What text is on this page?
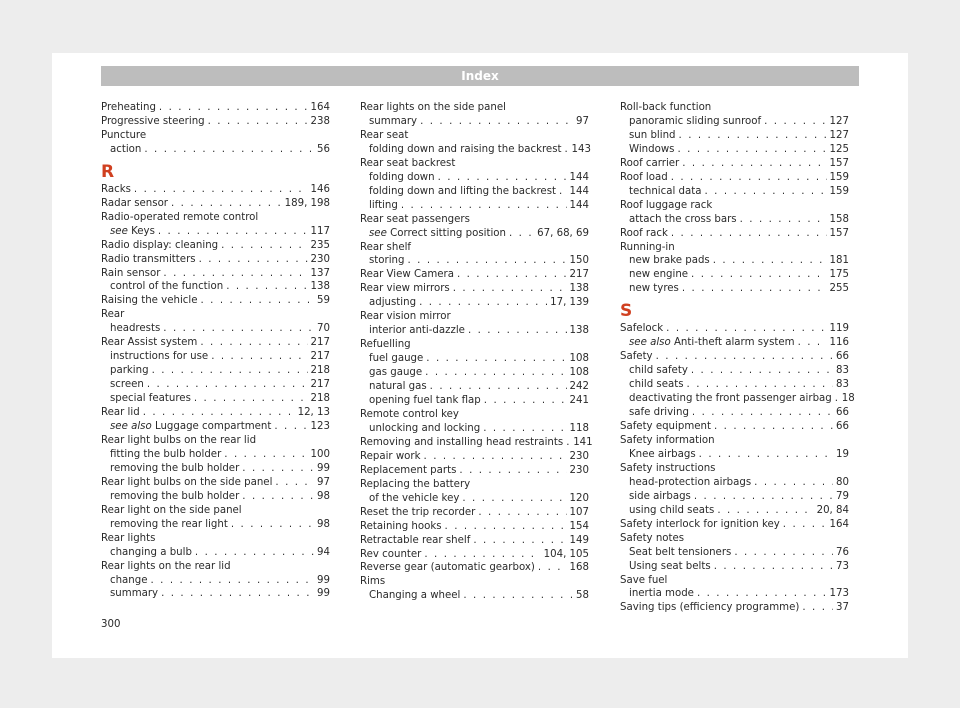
Index
Preheating . . .	164
Progressive steering . . .	238
Puncture
action . . .	56
R
Racks . . .	146
Radar sensor . . .	189, 198
Radio-operated remote control
see Keys . . .	117
Radio display: cleaning . . .	235
Radio transmitters . . .	230
Rain sensor . . .	137
control of the function . . .	138
Raising the vehicle . . .	59
Rear
headrests . . .	70
Rear Assist system . . .	217
instructions for use . . .	217
parking . . .	218
screen . . .	217
special features . . .	218
Rear lid . . .	12, 13
see also Luggage compartment . . .	123
Rear light bulbs on the rear lid
fitting the bulb holder . . .	100
removing the bulb holder . . .	99
Rear light bulbs on the side panel . . .	97
removing the bulb holder . . .	98
Rear light on the side panel
removing the rear light . . .	98
Rear lights
changing a bulb . . .	94
Rear lights on the rear lid
change . . .	99
summary . . .	99
Rear lights on the side panel
summary . . .	97
Rear seat
folding down and raising the backrest . . . 143
Rear seat backrest
folding down . . .	144
folding down and lifting the backrest . . . 144
lifting . . .	144
Rear seat passengers
see Correct sitting position . . .	67, 68, 69
Rear shelf
storing . . .	150
Rear View Camera . . .	217
Rear view mirrors . . .	138
adjusting . . .	17, 139
Rear vision mirror
interior anti-dazzle . . .	138
Refuelling
fuel gauge . . .	108
gas gauge . . .	108
natural gas . . .	242
opening fuel tank flap . . .	241
Remote control key
unlocking and locking . . .	118
Removing and installing head restraints . . . 141
Repair work . . .	230
Replacement parts . . .	230
Replacing the battery
of the vehicle key . . .	120
Reset the trip recorder . . .	107
Retaining hooks . . .	154
Retractable rear shelf . . .	149
Rev counter . . .	104, 105
Reverse gear (automatic gearbox) . . .	168
Rims
Changing a wheel . . .	58
Roll-back function
panoramic sliding sunroof . . .	127
sun blind . . .	127
Windows . . .	125
Roof carrier . . .	157
Roof load . . .	159
technical data . . .	159
Roof luggage rack
attach the cross bars . . .	158
Roof rack . . .	157
Running-in
new brake pads . . .	181
new engine . . .	175
new tyres . . .	255
S
Safelock . . .	119
see also Anti-theft alarm system . . .	116
Safety . . .	66
child safety . . .	83
child seats . . .	83
deactivating the front passenger airbag . . . 18
safe driving . . .	66
Safety equipment . . .	66
Safety information
Knee airbags . . .	19
Safety instructions
head-protection airbags . . .	80
side airbags . . .	79
using child seats . . .	20, 84
Safety interlock for ignition key . . .	164
Safety notes
Seat belt tensioners . . .	76
Using seat belts . . .	73
Save fuel
inertia mode . . .	173
Saving tips (efficiency programme) . . .	37
300
